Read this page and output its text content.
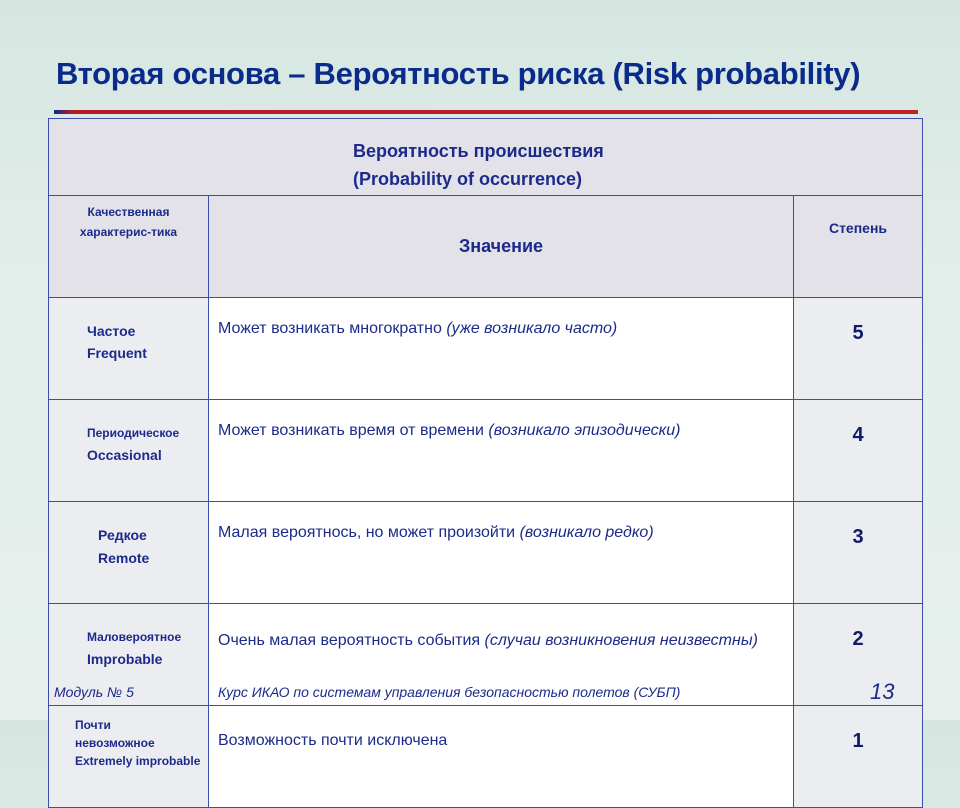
Вторая основа – Вероятность риска (Risk probability)
Вероятность происшествия
(Probability of occurrence)		

Качественная характерис-тика	Значение	Степень

Частое
Frequent	Может возникать многократно (уже возникало часто)	5

Периодическое
Occasional	Может возникать время от времени (возникало эпизодически)	4

Редкое
Remote	Малая вероятнось, но может произойти (возникало редко)	3

Маловероятное
Improbable	Очень малая вероятность события (случаи возникновения неизвестны)	2

Почти невозможное
Extremely improbable	Возможность почти исключена	1
Модуль № 5	Курс ИКАО по системам управления безопасностью полетов (СУБП)	13
